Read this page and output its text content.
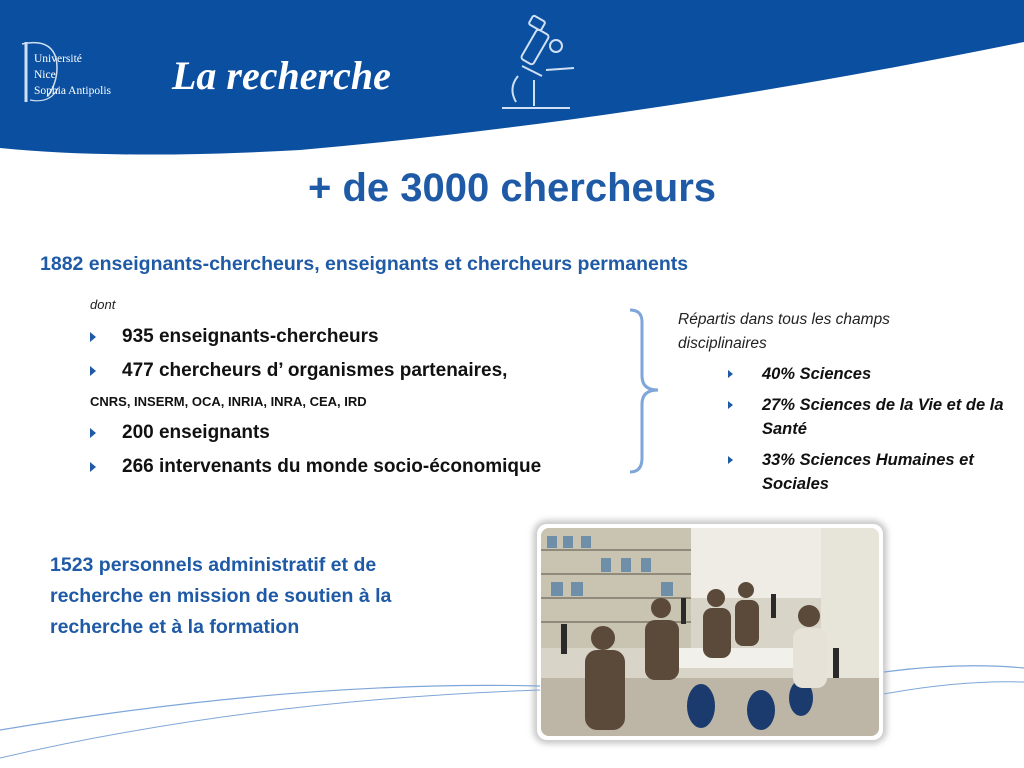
Université
Nice
Sophia Antipolis La recherche
+ de 3000 chercheurs
1882 enseignants-chercheurs, enseignants et chercheurs permanents
dont
935 enseignants-chercheurs
477 chercheurs d’ organismes partenaires,
CNRS, INSERM, OCA, INRIA, INRA, CEA, IRD
200 enseignants
266 intervenants du monde socio-économique
Répartis dans tous les champs disciplinaires
40% Sciences
27% Sciences de la Vie et de la Santé
33% Sciences Humaines et Sociales
1523 personnels administratif et de recherche en mission de soutien à la recherche et à la formation
